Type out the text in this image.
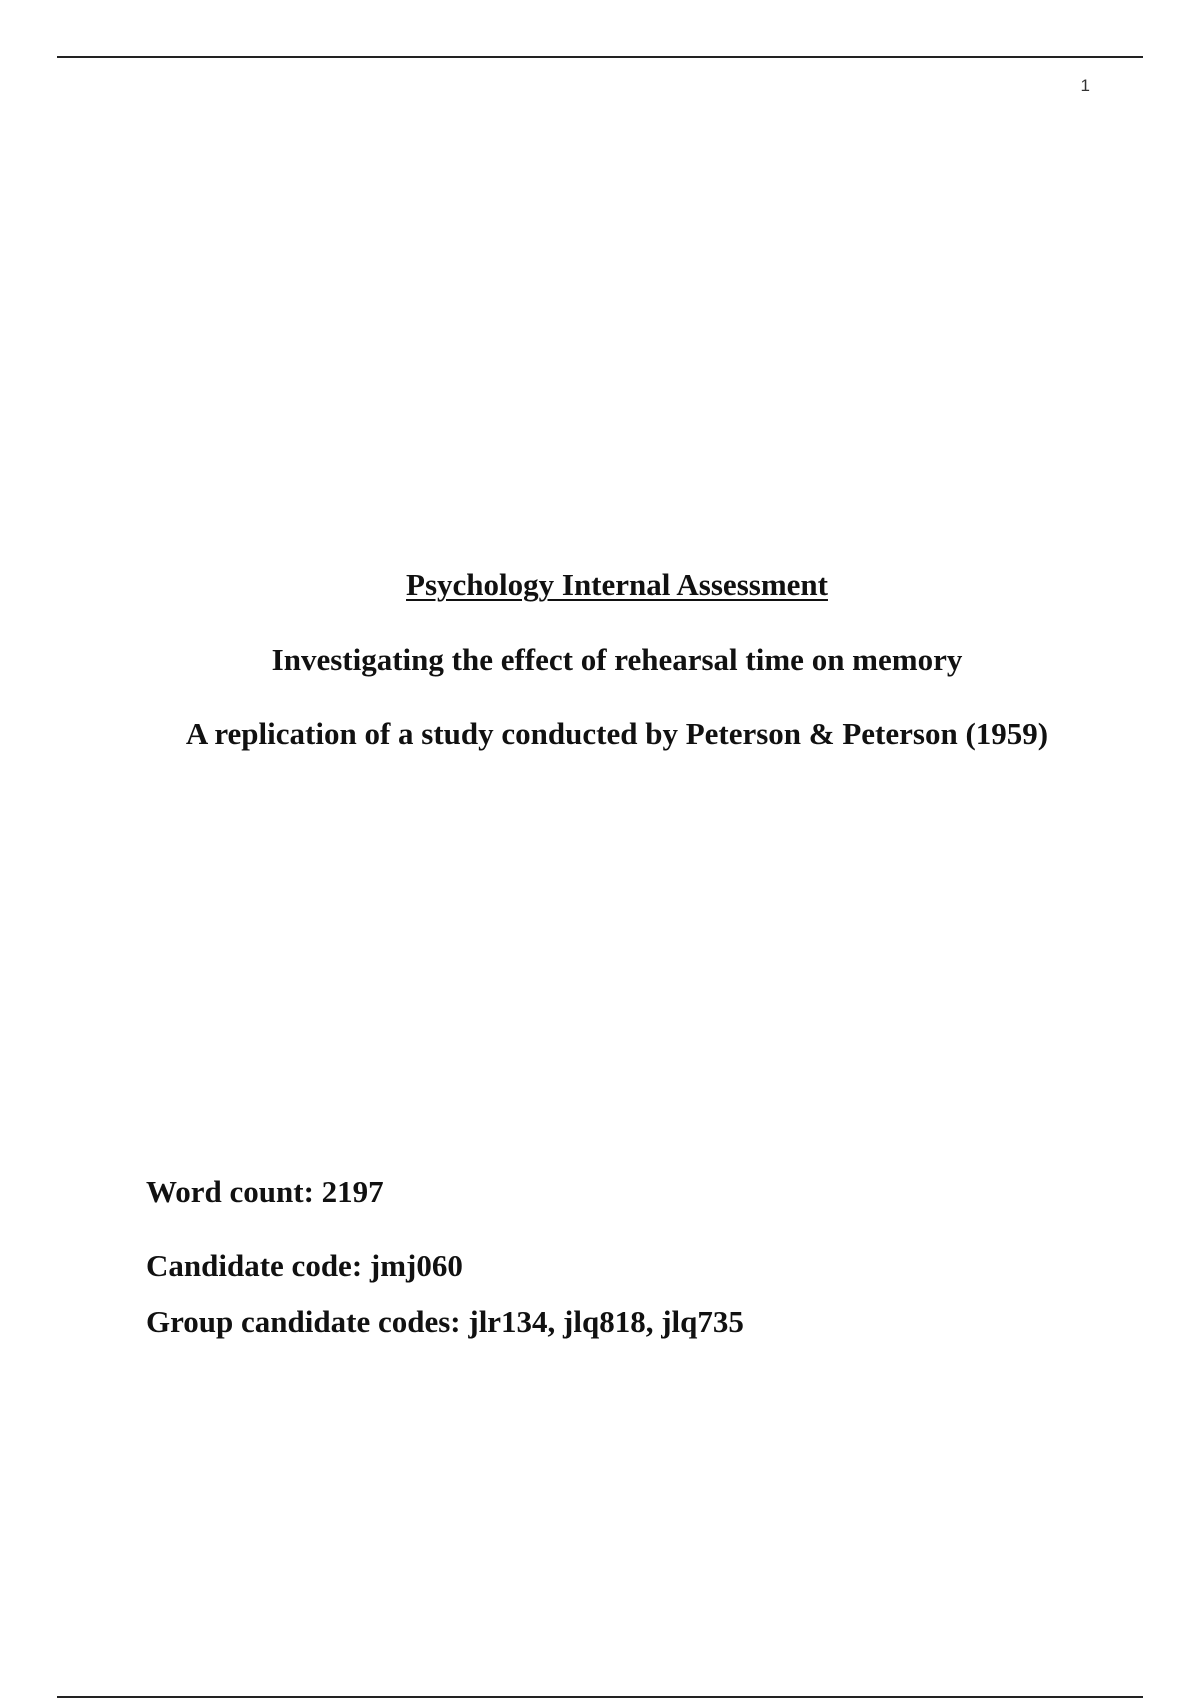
1

Psychology Internal Assessment

Investigating the effect of rehearsal time on memory

A replication of a study conducted by Peterson & Peterson (1959)

Word count: 2197

Candidate code: jmj060

Group candidate codes: jlr134, jlq818, jlq735
